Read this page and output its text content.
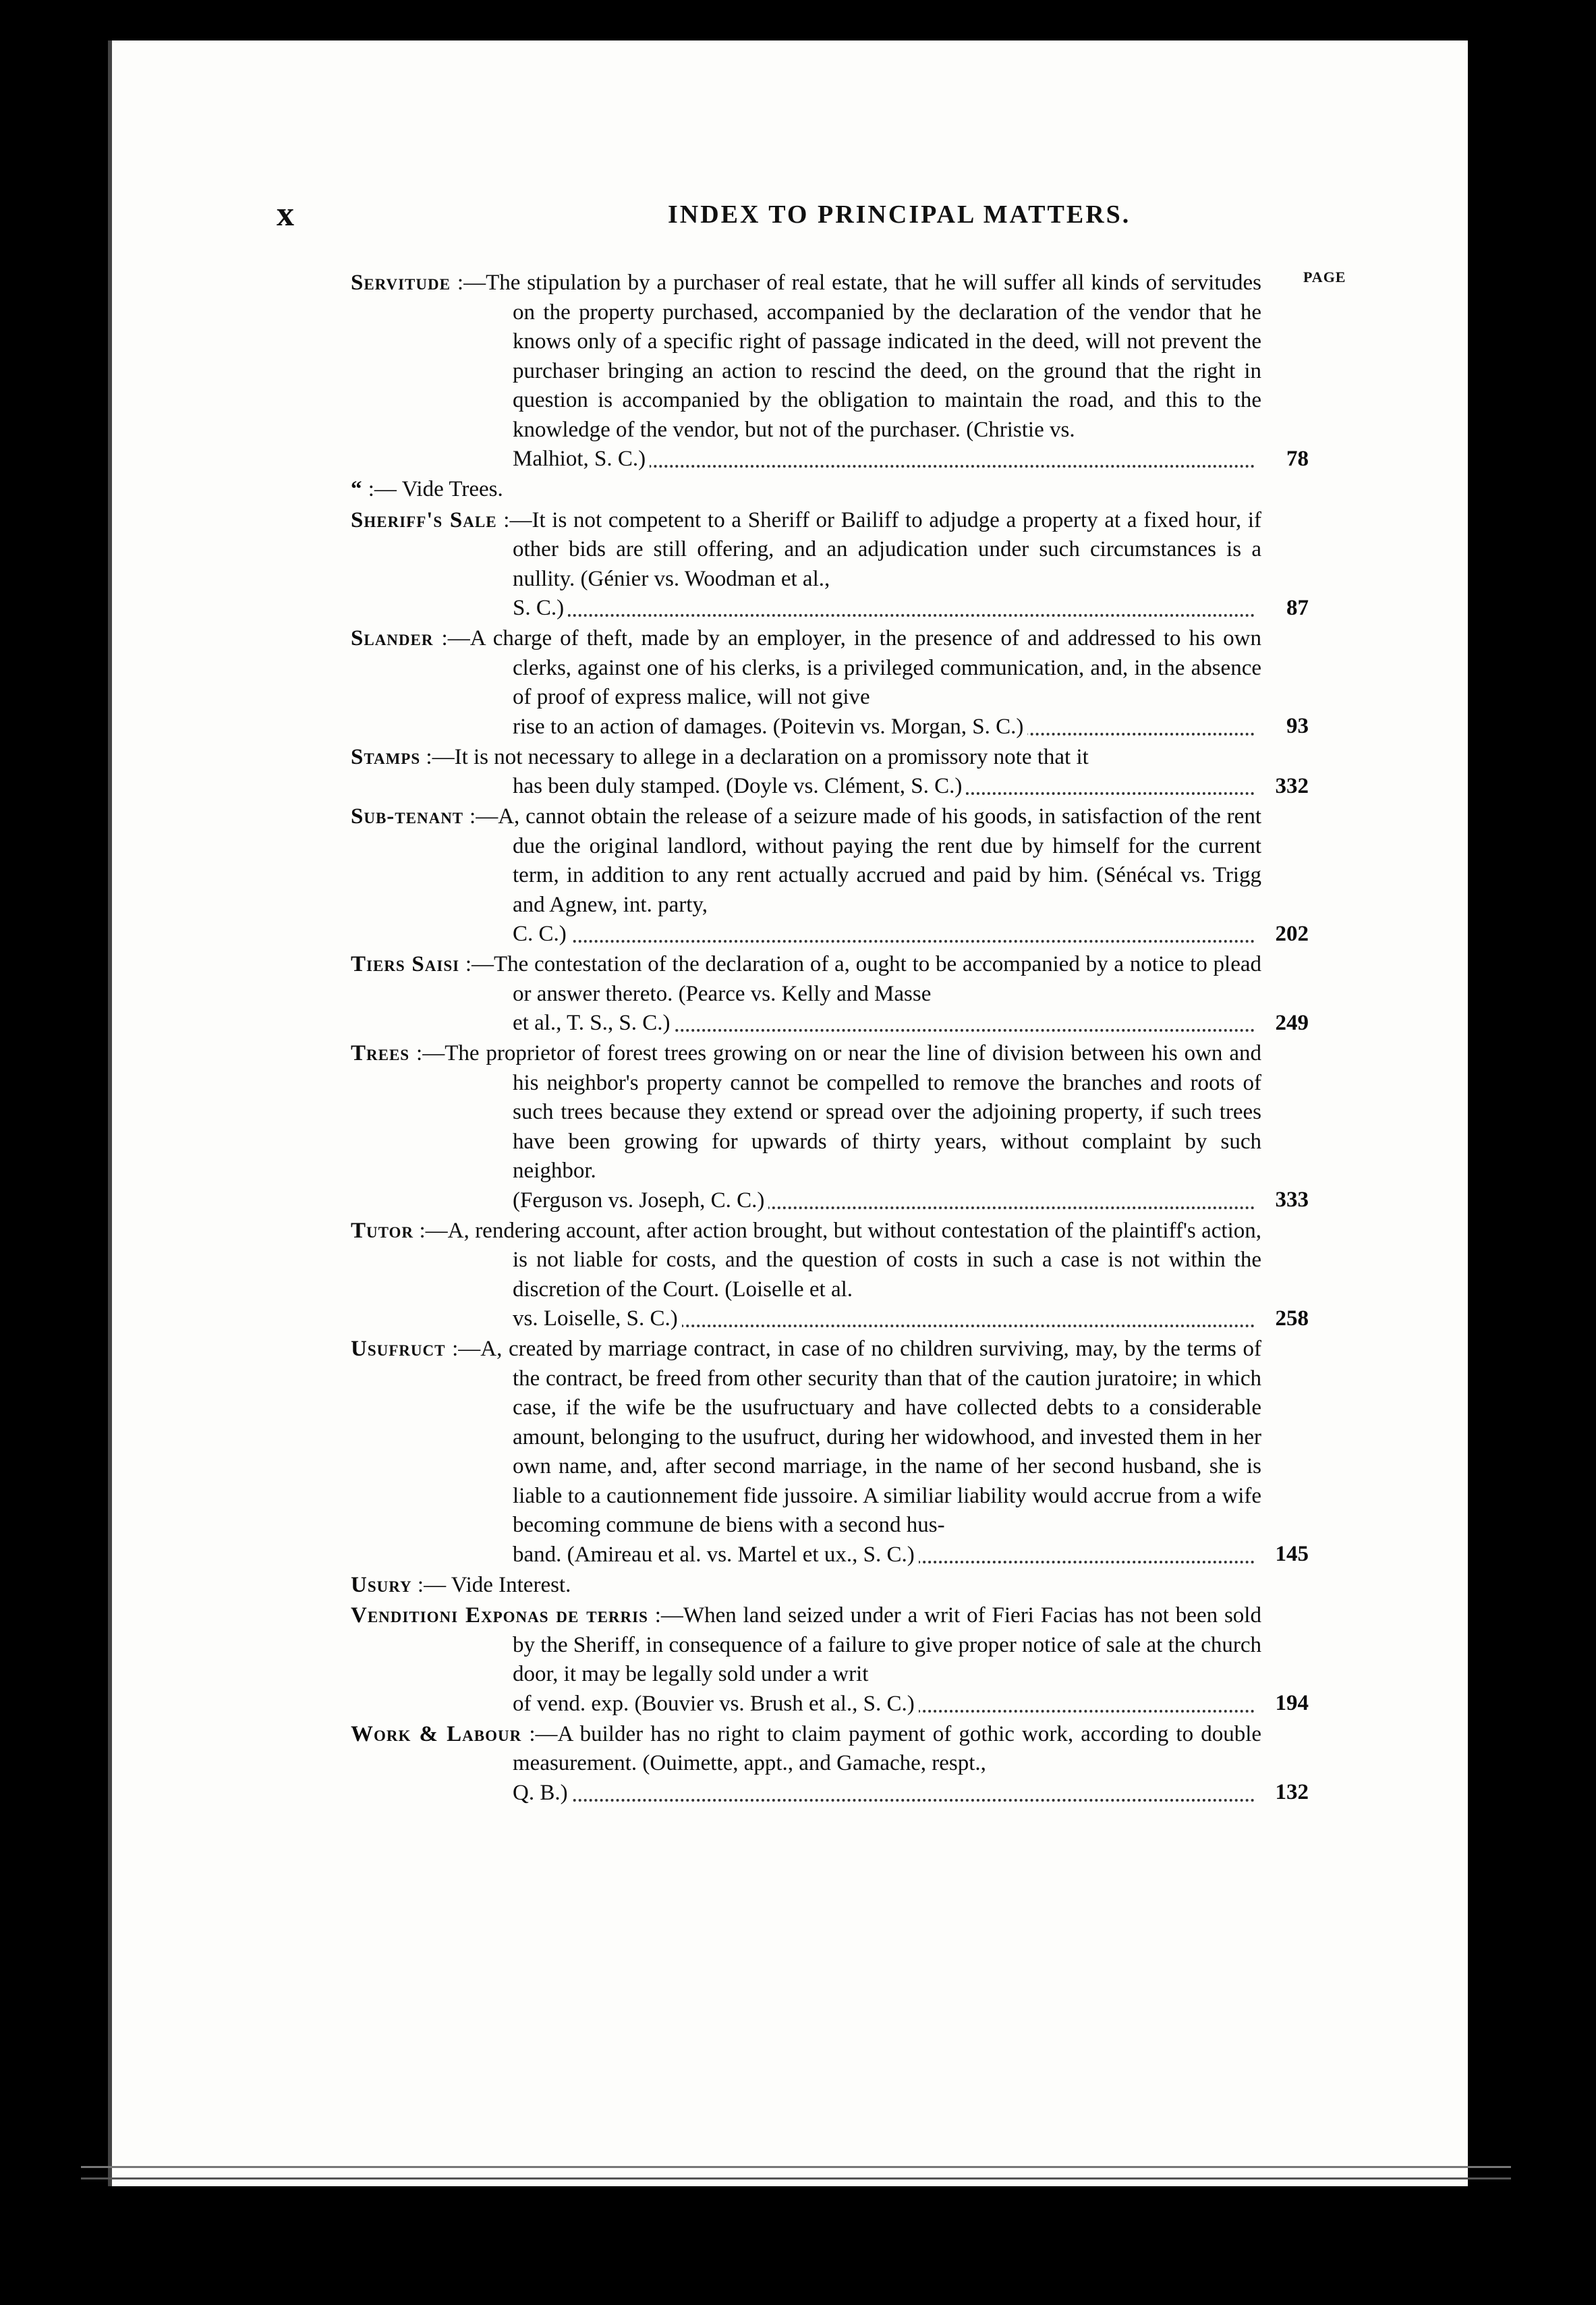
x	INDEX TO PRINCIPAL MATTERS.
PAGE

Servitude :—The stipulation by a purchaser of real estate, that he will suffer all kinds of servitudes on the property purchased, accompanied by the declaration of the vendor that he knows only of a specific right of passage indicated in the deed, will not prevent the purchaser bringing an action to rescind the deed, on the ground that the right in question is accompanied by the obligation to maintain the road, and this to the knowledge of the vendor, but not of the purchaser. (Christie vs.

Malhiot, S. C.)	78

“ :— Vide Trees.

Sheriff's Sale :—It is not competent to a Sheriff or Bailiff to adjudge a property at a fixed hour, if other bids are still offering, and an adjudication under such circumstances is a nullity. (Génier vs. Woodman et al.,

S. C.)	87

Slander :—A charge of theft, made by an employer, in the presence of and addressed to his own clerks, against one of his clerks, is a privileged communication, and, in the absence of proof of express malice, will not give

rise to an action of damages. (Poitevin vs. Morgan, S. C.)	93

Stamps :—It is not necessary to allege in a declaration on a promissory note that it

has been duly stamped. (Doyle vs. Clément, S. C.)	332

Sub-tenant :—A, cannot obtain the release of a seizure made of his goods, in satisfaction of the rent due the original landlord, without paying the rent due by himself for the current term, in addition to any rent actually accrued and paid by him. (Sénécal vs. Trigg and Agnew, int. party,

C. C.)	202

Tiers Saisi :—The contestation of the declaration of a, ought to be accompanied by a notice to plead or answer thereto. (Pearce vs. Kelly and Masse

et al., T. S., S. C.)	249

Trees :—The proprietor of forest trees growing on or near the line of division between his own and his neighbor's property cannot be compelled to remove the branches and roots of such trees because they extend or spread over the adjoining property, if such trees have been growing for upwards of thirty years, without complaint by such neighbor.

(Ferguson vs. Joseph, C. C.)	333

Tutor :—A, rendering account, after action brought, but without contestation of the plaintiff's action, is not liable for costs, and the question of costs in such a case is not within the discretion of the Court. (Loiselle et al.

vs. Loiselle, S. C.)	258

Usufruct :—A, created by marriage contract, in case of no children surviving, may, by the terms of the contract, be freed from other security than that of the caution juratoire; in which case, if the wife be the usufructuary and have collected debts to a considerable amount, belonging to the usufruct, during her widowhood, and invested them in her own name, and, after second marriage, in the name of her second husband, she is liable to a cautionnement fide jussoire. A similiar liability would accrue from a wife becoming commune de biens with a second hus-

band. (Amireau et al. vs. Martel et ux., S. C.)	145

Usury :— Vide Interest.

Venditioni Exponas de terris :—When land seized under a writ of Fieri Facias has not been sold by the Sheriff, in consequence of a failure to give proper notice of sale at the church door, it may be legally sold under a writ

of vend. exp. (Bouvier vs. Brush et al., S. C.)	194

Work & Labour :—A builder has no right to claim payment of gothic work, according to double measurement. (Ouimette, appt., and Gamache, respt.,

Q. B.)	132
